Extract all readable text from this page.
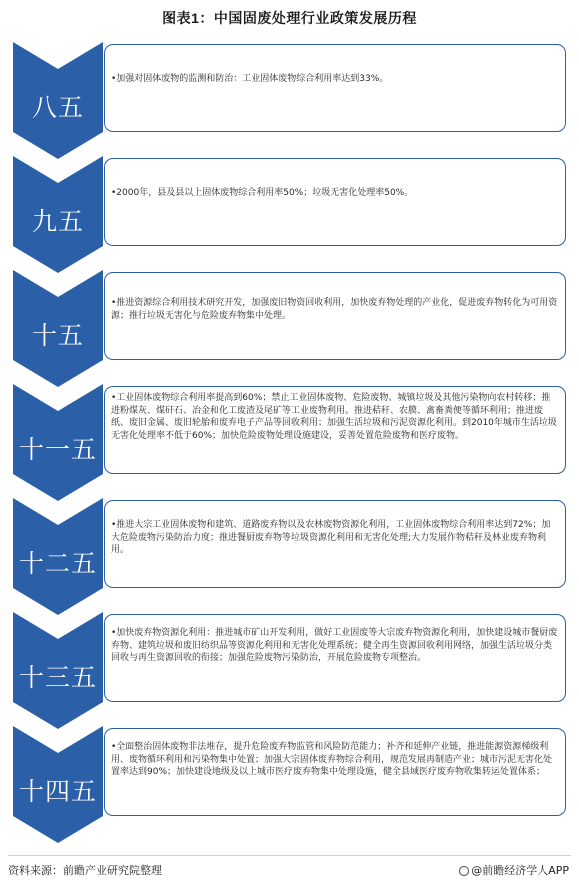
图表1：中国固废处理行业政策发展历程
八五
•加强对固体废物的监测和防治：工业固体废物综合利用率达到33%。
九五
•2000年，县及县以上固体废物综合利用率50%；垃圾无害化处理率50%。
十五
•推进资源综合利用技术研究开发，加强废旧物资回收利用，加快废弃物处理的产业化，促进废弃物转化为可用资源；推行垃圾无害化与危险废弃物集中处理。
十一五
•工业固体废物综合利用率提高到60%；禁止工业固体废物、危险废物、城镇垃圾及其他污染物向农村转移；推进粉煤灰、煤矸石、冶金和化工废渣及尾矿等工业废物利用。推进秸秆、农膜、禽畜粪便等循环利用；推进废纸、废旧金属、废旧轮胎和废弃电子产品等回收利用；加强生活垃圾和污泥资源化利用。到2010年城市生活垃圾无害化处理率不低于60%；加快危险废物处理设施建设，妥善处置危险废物和医疗废物。
十二五
•推进大宗工业固体废物和建筑、道路废弃物以及农林废物资源化利用，工业固体废物综合利用率达到72%；加大危险废物污染防治力度；推进餐厨废弃物等垃圾资源化利用和无害化处理;大力发展作物秸秆及林业废弃物利用。
十三五
•加快废弃物资源化利用：推进城市矿山开发利用，做好工业固废等大宗废弃物资源化利用，加快建设城市餐厨废弃物、建筑垃圾和废旧纺织品等资源化利用和无害化处理系统；健全再生资源回收利用网络，加强生活垃圾分类回收与再生资源回收的衔接；加强危险废物污染防治，开展危险废物专项整治。
十四五
•全面整治固体废物非法堆存，提升危险废弃物监管和风险防范能力；补齐和延伸产业链，推进能源资源梯级利用、废物循环利用和污染物集中处置；加强大宗固体废弃物综合利用，规范发展再制造产业；城市污泥无害化处置率达到90%；加快建设地级及以上城市医疗废弃物集中处理设施，健全县域医疗废弃物收集转运处置体系；
资料来源：前瞻产业研究院整理	@前瞻经济学人APP
